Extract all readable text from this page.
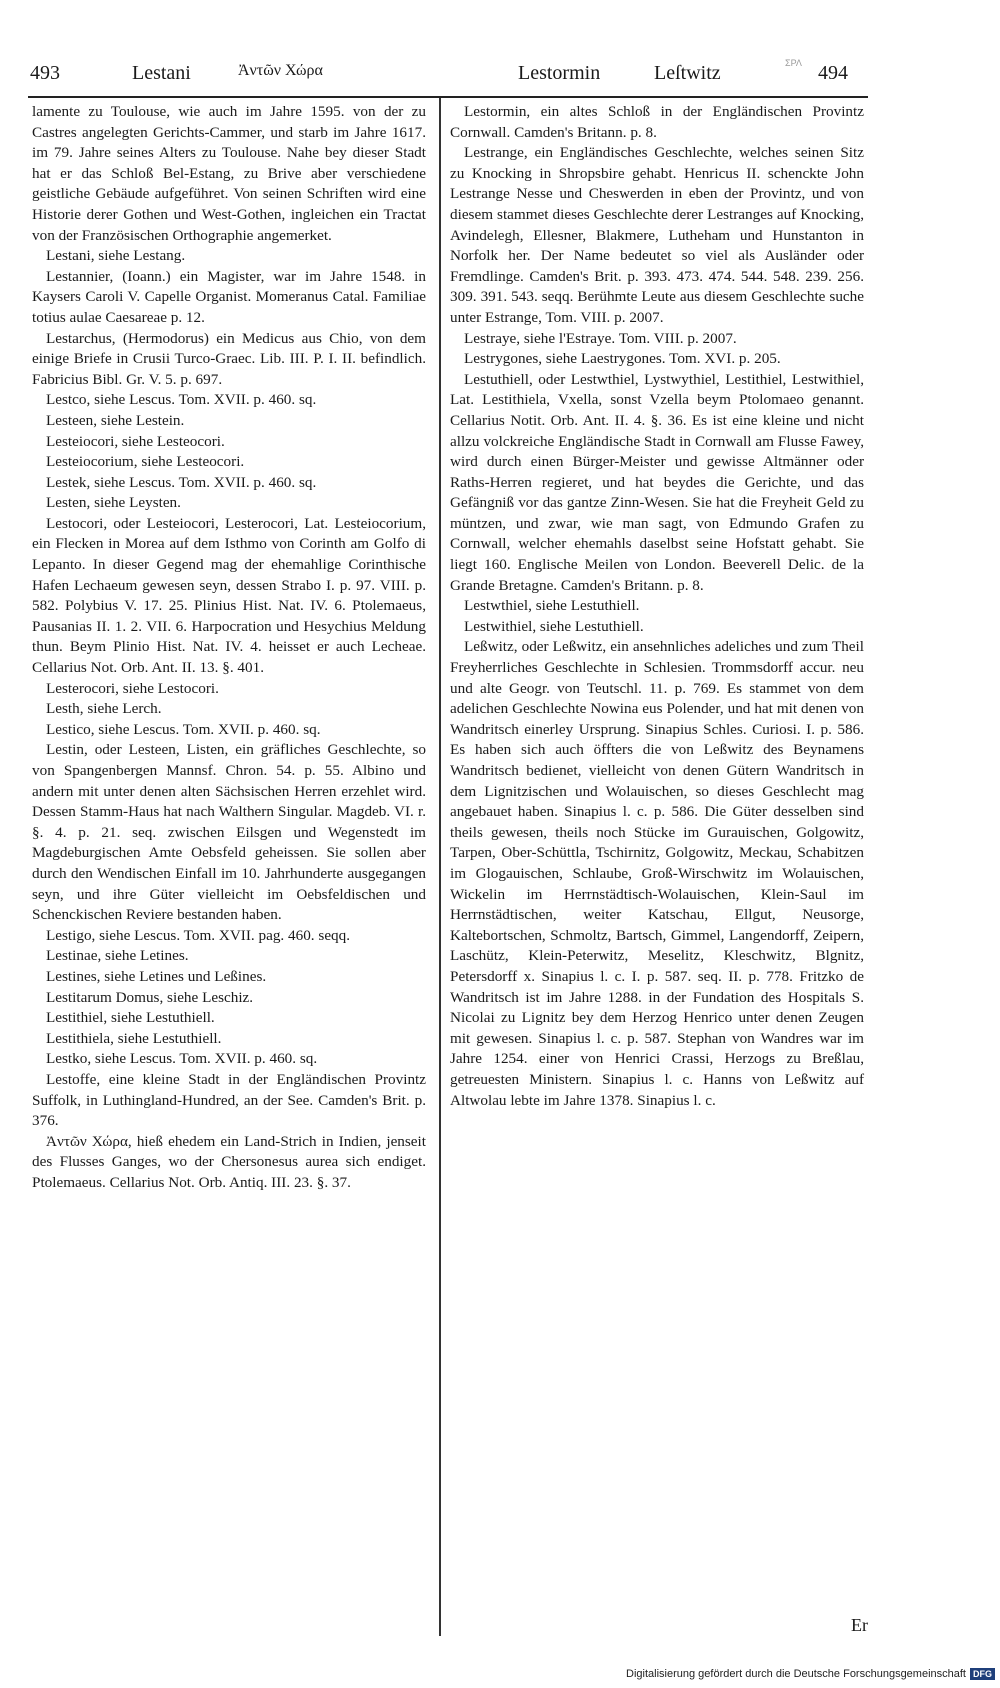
493	Lestani	Ἀντῶν Χώρα	Lestormin	Leſtwitz	494

lamente zu Toulouse, wie auch im Jahre 1595. von der zu Castres angelegten Gerichts-Cammer, und starb im Jahre 1617. im 79. Jahre seines Alters zu Toulouse. Nahe bey dieser Stadt hat er das Schloß Bel-Estang, zu Brive aber verschiedene geistliche Gebäude aufgeführet. Von seinen Schriften wird eine Historie derer Gothen und West-Gothen, ingleichen ein Tractat von der Französischen Orthographie angemerket.

Lestani, siehe Lestang.

Lestannier, (Ioann.) ein Magister, war im Jahre 1548. in Kaysers Caroli V. Capelle Organist. Momeranus Catal. Familiae totius aulae Caesareae p. 12.

Lestarchus, (Hermodorus) ein Medicus aus Chio, von dem einige Briefe in Crusii Turco-Graec. Lib. III. P. I. II. befindlich. Fabricius Bibl. Gr. V. 5. p. 697.

Lestco, siehe Lescus. Tom. XVII. p. 460. sq.

Lesteen, siehe Lestein.

Lesteiocori, siehe Lesteocori.

Lesteiocorium, siehe Lesteocori.

Lestek, siehe Lescus. Tom. XVII. p. 460. sq.

Lesten, siehe Leysten.

Lestocori, oder Lesteiocori, Lesterocori, Lat. Lesteiocorium, ein Flecken in Morea auf dem Isthmo von Corinth am Golfo di Lepanto. In dieser Gegend mag der ehemahlige Corinthische Hafen Lechaeum gewesen seyn, dessen Strabo I. p. 97. VIII. p. 582. Polybius V. 17. 25. Plinius Hist. Nat. IV. 6. Ptolemaeus, Pausanias II. 1. 2. VII. 6. Harpocration und Hesychius Meldung thun. Beym Plinio Hist. Nat. IV. 4. heisset er auch Lecheae. Cellarius Not. Orb. Ant. II. 13. §. 401.

Lesterocori, siehe Lestocori.

Lesth, siehe Lerch.

Lestico, siehe Lescus. Tom. XVII. p. 460. sq.

Lestin, oder Lesteen, Listen, ein gräfliches Geschlechte, so von Spangenbergen Mannsf. Chron. 54. p. 55. Albino und andern mit unter denen alten Sächsischen Herren erzehlet wird. Dessen Stamm-Haus hat nach Walthern Singular. Magdeb. VI. r. §. 4. p. 21. seq. zwischen Eilsgen und Wegenstedt im Magdeburgischen Amte Oebsfeld geheissen. Sie sollen aber durch den Wendischen Einfall im 10. Jahrhunderte ausgegangen seyn, und ihre Güter vielleicht im Oebsfeldischen und Schenckischen Reviere bestanden haben.

Lestigo, siehe Lescus. Tom. XVII. pag. 460. seqq.

Lestinae, siehe Letines.

Lestines, siehe Letines und Leßines.

Lestitarum Domus, siehe Leschiz.

Lestithiel, siehe Lestuthiell.

Lestithiela, siehe Lestuthiell.

Lestko, siehe Lescus. Tom. XVII. p. 460. sq.

Lestoffe, eine kleine Stadt in der Engländischen Provintz Suffolk, in Luthingland-Hundred, an der See. Camden's Brit. p. 376.

Ἀντῶν Χώρα, hieß ehedem ein Land-Strich in Indien, jenseit des Flusses Ganges, wo der Chersonesus aurea sich endiget. Ptolemaeus. Cellarius Not. Orb. Antiq. III. 23. §. 37.

Lestormin, ein altes Schloß in der Engländischen Provintz Cornwall. Camden's Britann. p. 8.

Lestrange, ein Engländisches Geschlechte, welches seinen Sitz zu Knocking in Shropsbire gehabt. Henricus II. schenckte John Lestrange Nesse und Cheswerden in eben der Provintz, und von diesem stammet dieses Geschlechte derer Lestranges auf Knocking, Avindelegh, Ellesner, Blakmere, Lutheham und Hunstanton in Norfolk her. Der Name bedeutet so viel als Ausländer oder Fremdlinge. Camden's Brit. p. 393. 473. 474. 544. 548. 239. 256. 309. 391. 543. seqq. Berühmte Leute aus diesem Geschlechte suche unter Estrange, Tom. VIII. p. 2007.

Lestraye, siehe l'Estraye. Tom. VIII. p. 2007.

Lestrygones, siehe Laestrygones. Tom. XVI. p. 205.

Lestuthiell, oder Lestwthiel, Lystwythiel, Lestithiel, Lestwithiel, Lat. Lestithiela, Vxella, sonst Vzella beym Ptolomaeo genannt. Cellarius Notit. Orb. Ant. II. 4. §. 36. Es ist eine kleine und nicht allzu volckreiche Engländische Stadt in Cornwall am Flusse Fawey, wird durch einen Bürger-Meister und gewisse Altmänner oder Raths-Herren regieret, und hat beydes die Gerichte, und das Gefängniß vor das gantze Zinn-Wesen. Sie hat die Freyheit Geld zu müntzen, und zwar, wie man sagt, von Edmundo Grafen zu Cornwall, welcher ehemahls daselbst seine Hofstatt gehabt. Sie liegt 160. Englische Meilen von London. Beeverell Delic. de la Grande Bretagne. Camden's Britann. p. 8.

Lestwthiel, siehe Lestuthiell.

Lestwithiel, siehe Lestuthiell.

Leßwitz, oder Leßwitz, ein ansehnliches adeliches und zum Theil Freyherrliches Geschlechte in Schlesien. Trommsdorff accur. neu und alte Geogr. von Teutschl. 11. p. 769. Es stammet von dem adelichen Geschlechte Nowina eus Polender, und hat mit denen von Wandritsch einerley Ursprung. Sinapius Schles. Curiosi. I. p. 586. Es haben sich auch öffters die von Leßwitz des Beynamens Wandritsch bedienet, vielleicht von denen Gütern Wandritsch in dem Lignitzischen und Wolauischen, so dieses Geschlecht mag angebauet haben. Sinapius l. c. p. 586. Die Güter desselben sind theils gewesen, theils noch Stücke im Gurauischen, Golgowitz, Tarpen, Ober-Schüttla, Tschirnitz, Golgowitz, Meckau, Schabitzen im Glogauischen, Schlaube, Groß-Wirschwitz im Wolauischen, Wickelin im Herrnstädtisch-Wolauischen, Klein-Saul im Herrnstädtischen, weiter Katschau, Ellgut, Neusorge, Kaltebortschen, Schmoltz, Bartsch, Gimmel, Langendorff, Zeipern, Laschütz, Klein-Peterwitz, Meselitz, Kleschwitz, Blgnitz, Petersdorff x. Sinapius l. c. I. p. 587. seq. II. p. 778. Fritzko de Wandritsch ist im Jahre 1288. in der Fundation des Hospitals S. Nicolai zu Lignitz bey dem Herzog Henrico unter denen Zeugen mit gewesen. Sinapius l. c. p. 587. Stephan von Wandres war im Jahre 1254. einer von Henrici Crassi, Herzogs zu Breßlau, getreuesten Ministern. Sinapius l. c. Hanns von Leßwitz auf Altwolau lebte im Jahre 1378. Sinapius l. c.

Er
ΣΡΛ
Digitalisierung gefördert durch die Deutsche Forschungsgemeinschaft DFG
